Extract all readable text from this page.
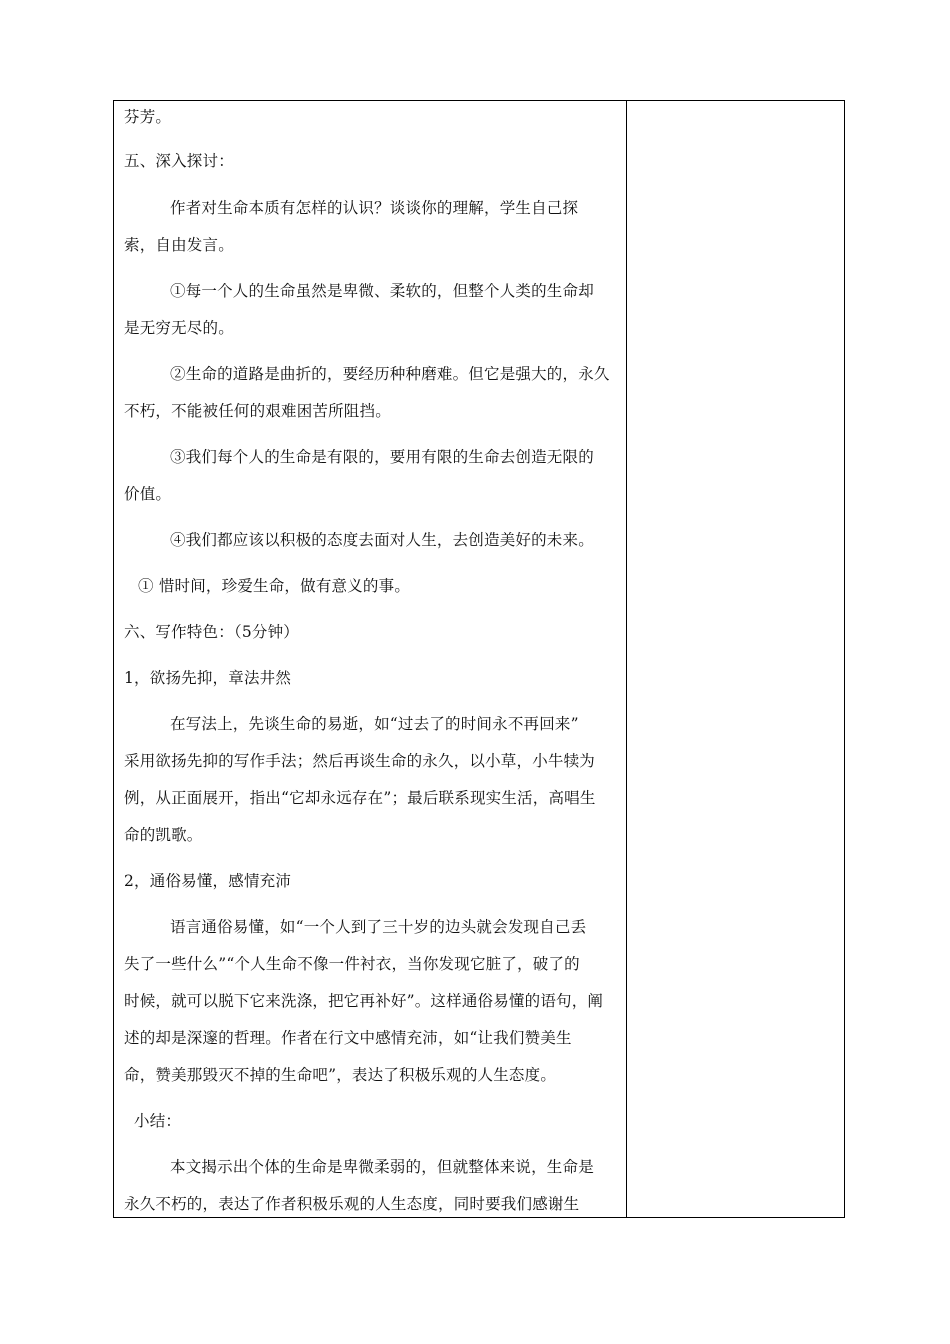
芬芳。
五、深入探讨：
作者对生命本质有怎样的认识？谈谈你的理解，学生自己探
索，自由发言。
①每一个人的生命虽然是卑微、柔软的，但整个人类的生命却
是无穷无尽的。
②生命的道路是曲折的，要经历种种磨难。但它是强大的，永久
不朽，不能被任何的艰难困苦所阻挡。
③我们每个人的生命是有限的，要用有限的生命去创造无限的
价值。
④我们都应该以积极的态度去面对人生，去创造美好的未来。
① 惜时间，珍爱生命，做有意义的事。
六、写作特色：（5分钟）
1，欲扬先抑，章法井然
在写法上，先谈生命的易逝，如“过去了的时间永不再回来”
采用欲扬先抑的写作手法；然后再谈生命的永久，以小草，小牛犊为
例，从正面展开，指出“它却永远存在”；最后联系现实生活，高唱生
命的凯歌。
2，通俗易懂，感情充沛
语言通俗易懂，如“一个人到了三十岁的边头就会发现自己丢
失了一些什么”“个人生命不像一件衬衣，当你发现它脏了，破了的
时候，就可以脱下它来洗涤，把它再补好”。这样通俗易懂的语句，阐
述的却是深邃的哲理。作者在行文中感情充沛，如“让我们赞美生
命，赞美那毁灭不掉的生命吧”，表达了积极乐观的人生态度。
小结：
本文揭示出个体的生命是卑微柔弱的，但就整体来说，生命是
永久不朽的，表达了作者积极乐观的人生态度，同时要我们感谢生
